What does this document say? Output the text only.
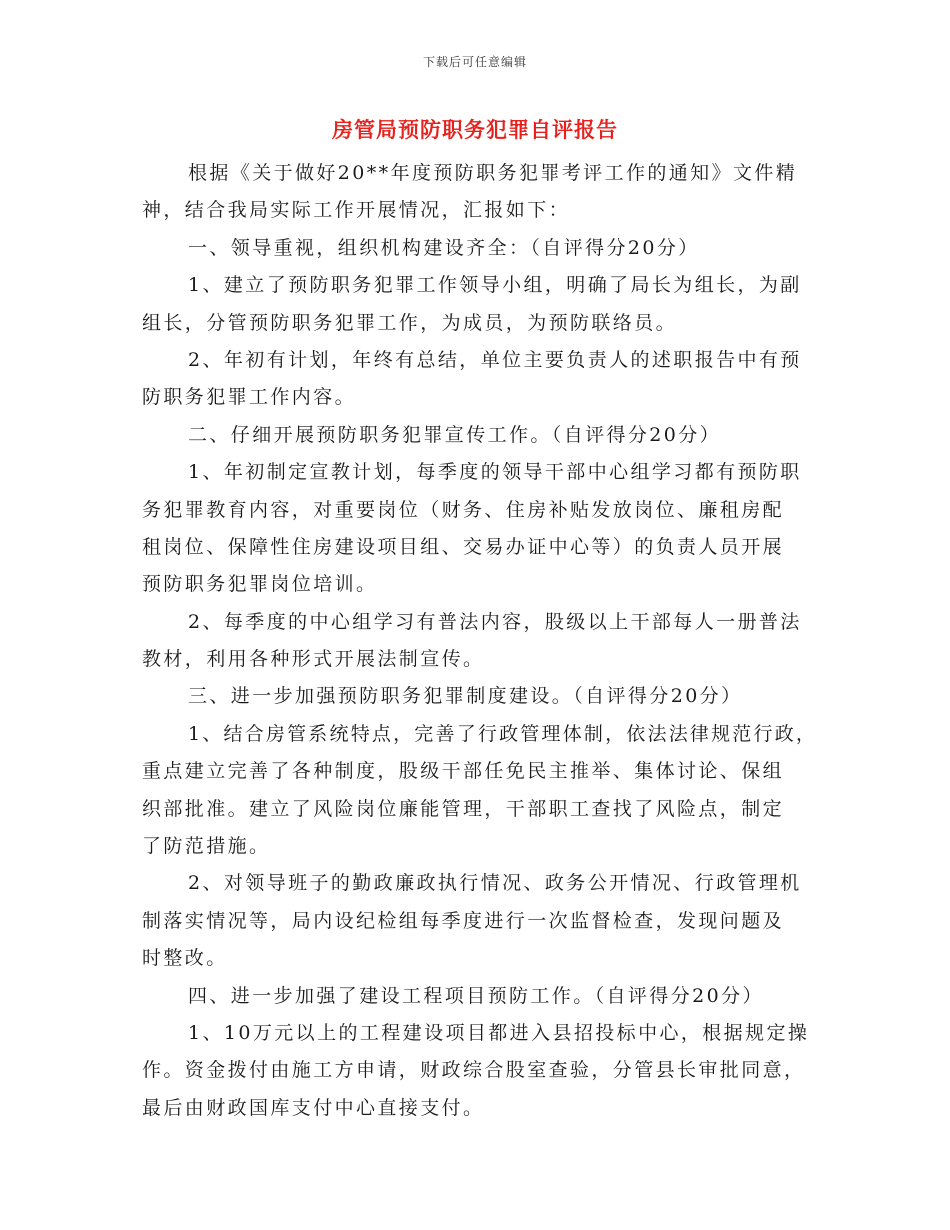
下载后可任意编辑
房管局预防职务犯罪自评报告
根据《关于做好20**年度预防职务犯罪考评工作的通知》文件精
神，结合我局实际工作开展情况，汇报如下：
一、领导重视，组织机构建设齐全：（自评得分20分）
1、建立了预防职务犯罪工作领导小组，明确了局长为组长，为副
组长，分管预防职务犯罪工作，为成员，为预防联络员。
2、年初有计划，年终有总结，单位主要负责人的述职报告中有预
防职务犯罪工作内容。
二、仔细开展预防职务犯罪宣传工作。（自评得分20分）
1、年初制定宣教计划，每季度的领导干部中心组学习都有预防职
务犯罪教育内容，对重要岗位（财务、住房补贴发放岗位、廉租房配
租岗位、保障性住房建设项目组、交易办证中心等）的负责人员开展
预防职务犯罪岗位培训。
2、每季度的中心组学习有普法内容，股级以上干部每人一册普法
教材，利用各种形式开展法制宣传。
三、进一步加强预防职务犯罪制度建设。（自评得分20分）
1、结合房管系统特点，完善了行政管理体制，依法法律规范行政，
重点建立完善了各种制度，股级干部任免民主推举、集体讨论、保组
织部批准。建立了风险岗位廉能管理，干部职工查找了风险点，制定
了防范措施。
2、对领导班子的勤政廉政执行情况、政务公开情况、行政管理机
制落实情况等，局内设纪检组每季度进行一次监督检查，发现问题及
时整改。
四、进一步加强了建设工程项目预防工作。（自评得分20分）
1、10万元以上的工程建设项目都进入县招投标中心，根据规定操
作。资金拨付由施工方申请，财政综合股室查验，分管县长审批同意，
最后由财政国库支付中心直接支付。
